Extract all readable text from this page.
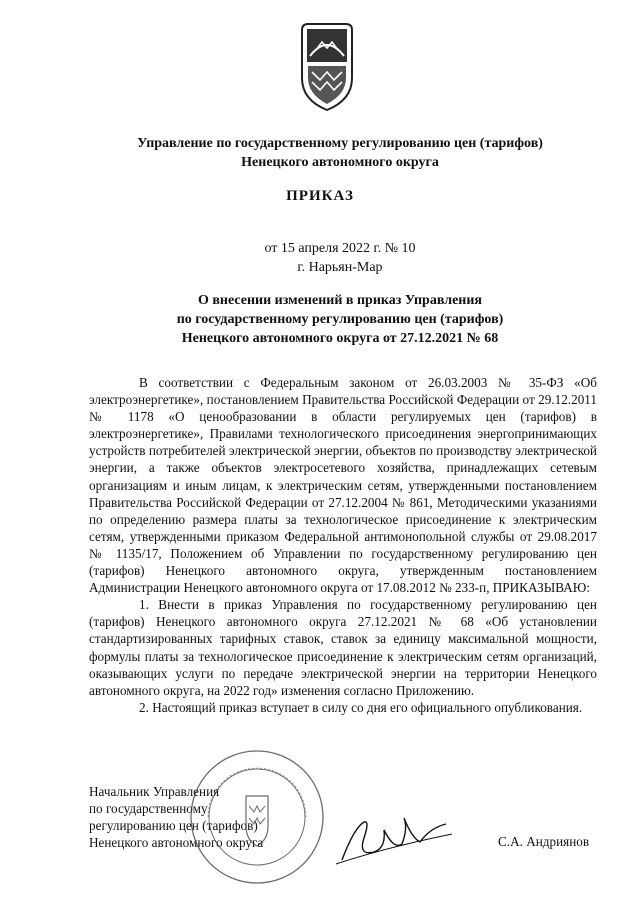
Управление по государственному регулированию цен (тарифов)
Ненецкого автономного округа
ПРИКАЗ
от 15 апреля 2022 г. № 10
г. Нарьян-Мар
О внесении изменений в приказ Управления
по государственному регулированию цен (тарифов)
Ненецкого автономного округа от 27.12.2021 № 68

В соответствии с Федеральным законом от 26.03.2003 № 35-ФЗ «Об электроэнергетике», постановлением Правительства Российской Федерации от 29.12.2011 № 1178 «О ценообразовании в области регулируемых цен (тарифов) в электроэнергетике», Правилами технологического присоединения энергопринимающих устройств потребителей электрической энергии, объектов по производству электрической энергии, а также объектов электросетевого хозяйства, принадлежащих сетевым организациям и иным лицам, к электрическим сетям, утвержденными постановлением Правительства Российской Федерации от 27.12.2004 № 861, Методическими указаниями по определению размера платы за технологическое присоединение к электрическим сетям, утвержденными приказом Федеральной антимонопольной службы от 29.08.2017 № 1135/17, Положением об Управлении по государственному регулированию цен (тарифов) Ненецкого автономного округа, утвержденным постановлением Администрации Ненецкого автономного округа от 17.08.2012 № 233-п, ПРИКАЗЫВАЮ:

1. Внести в приказ Управления по государственному регулированию цен (тарифов) Ненецкого автономного округа 27.12.2021 № 68 «Об установлении стандартизированных тарифных ставок, ставок за единицу максимальной мощности, формулы платы за технологическое присоединение к электрическим сетям организаций, оказывающих услуги по передаче электрической энергии на территории Ненецкого автономного округа, на 2022 год» изменения согласно Приложению.

2. Настоящий приказ вступает в силу со дня его официального опубликования.

Начальник Управления
по государственному
регулированию цен (тарифов)
Ненецкого автономного округа	С.А. Андриянов
